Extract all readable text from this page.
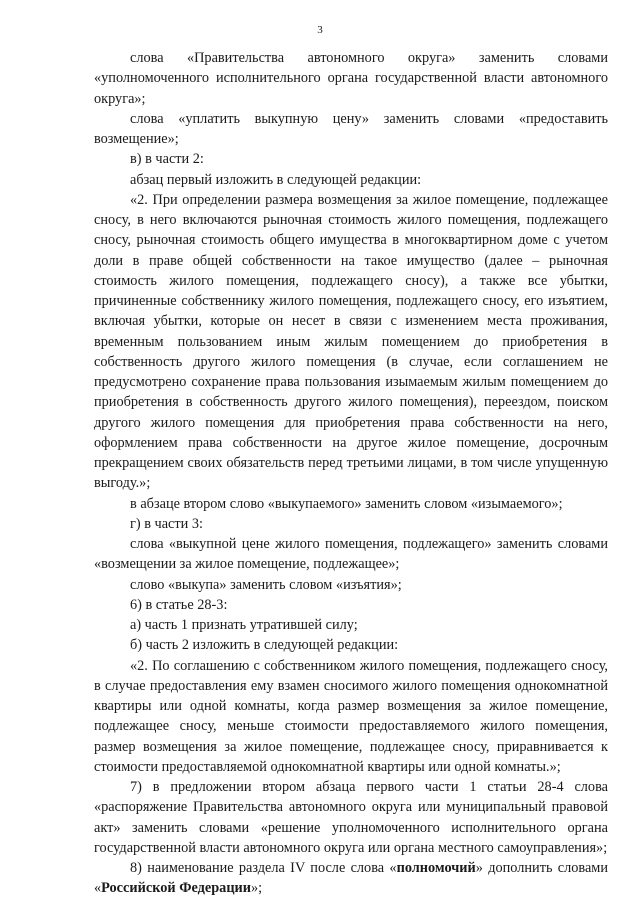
3

слова «Правительства автономного округа» заменить словами «уполномоченного исполнительного органа государственной власти автономного округа»;

слова «уплатить выкупную цену» заменить словами «предоставить возмещение»;

в) в части 2:

абзац первый изложить в следующей редакции:

«2. При определении размера возмещения за жилое помещение, подлежащее сносу, в него включаются рыночная стоимость жилого помещения, подлежащего сносу, рыночная стоимость общего имущества в многоквартирном доме с учетом доли в праве общей собственности на такое имущество (далее – рыночная стоимость жилого помещения, подлежащего сносу), а также все убытки, причиненные собственнику жилого помещения, подлежащего сносу, его изъятием, включая убытки, которые он несет в связи с изменением места проживания, временным пользованием иным жилым помещением до приобретения в собственность другого жилого помещения (в случае, если соглашением не предусмотрено сохранение права пользования изымаемым жилым помещением до приобретения в собственность другого жилого помещения), переездом, поиском другого жилого помещения для приобретения права собственности на него, оформлением права собственности на другое жилое помещение, досрочным прекращением своих обязательств перед третьими лицами, в том числе упущенную выгоду.»;

в абзаце втором слово «выкупаемого» заменить словом «изымаемого»;

г) в части 3:

слова «выкупной цене жилого помещения, подлежащего» заменить словами «возмещении за жилое помещение, подлежащее»;

слово «выкупа» заменить словом «изъятия»;

6) в статье 28-3:

а) часть 1 признать утратившей силу;

б) часть 2 изложить в следующей редакции:

«2. По соглашению с собственником жилого помещения, подлежащего сносу, в случае предоставления ему взамен сносимого жилого помещения однокомнатной квартиры или одной комнаты, когда размер возмещения за жилое помещение, подлежащее сносу, меньше стоимости предоставляемого жилого помещения, размер возмещения за жилое помещение, подлежащее сносу, приравнивается к стоимости предоставляемой однокомнатной квартиры или одной комнаты.»;

7) в предложении втором абзаца первого части 1 статьи 28-4 слова «распоряжение Правительства автономного округа или муниципальный правовой акт» заменить словами «решение уполномоченного исполнительного органа государственной власти автономного округа или органа местного самоуправления»;

8) наименование раздела IV после слова «полномочий» дополнить словами «Российской Федерации»;
